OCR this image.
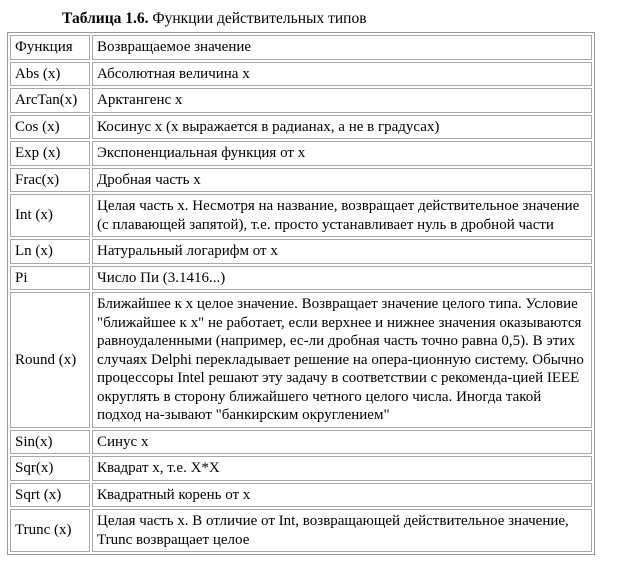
Таблица 1.6. Функции действительных типов
Функция	Возвращаемое значение
Abs (x)	Абсолютная величина х
ArcTan(x)	Арктангенс х
Cos (x)	Косинус х (х выражается в радианах, а не в градусах)
Exp (x)	Экспоненциальная функция от х
Frac(x)	Дробная часть х
Int (x)	Целая часть х. Несмотря на название, возвращает действительное значение (с плавающей запятой), т.е. просто устанавливает нуль в дробной части
Ln (x)	Натуральный логарифм от х
Pi	Число Пи (3.1416...)
Round (x)	Ближайшее к х целое значение. Возвращает значение целого типа. Условие "ближайшее к х" не работает, если верхнее и нижнее значения оказываются равноудаленными (например, ес-ли дробная часть точно равна 0,5). В этих случаях Delphi перекладывает решение на опера-ционную систему. Обычно процессоры Intel решают эту задачу в соответствии с рекоменда-цией IEEE округлять в сторону ближайшего четного целого числа. Иногда такой подход на-зывают "банкирским округлением"
Sin(x)	Синус х
Sqr(x)	Квадрат х, т.е. X*X
Sqrt (x)	Квадратный корень от х
Trunc (x)	Целая часть х. В отличие от Int, возвращающей действительное значение, Trunc возвращает целое
